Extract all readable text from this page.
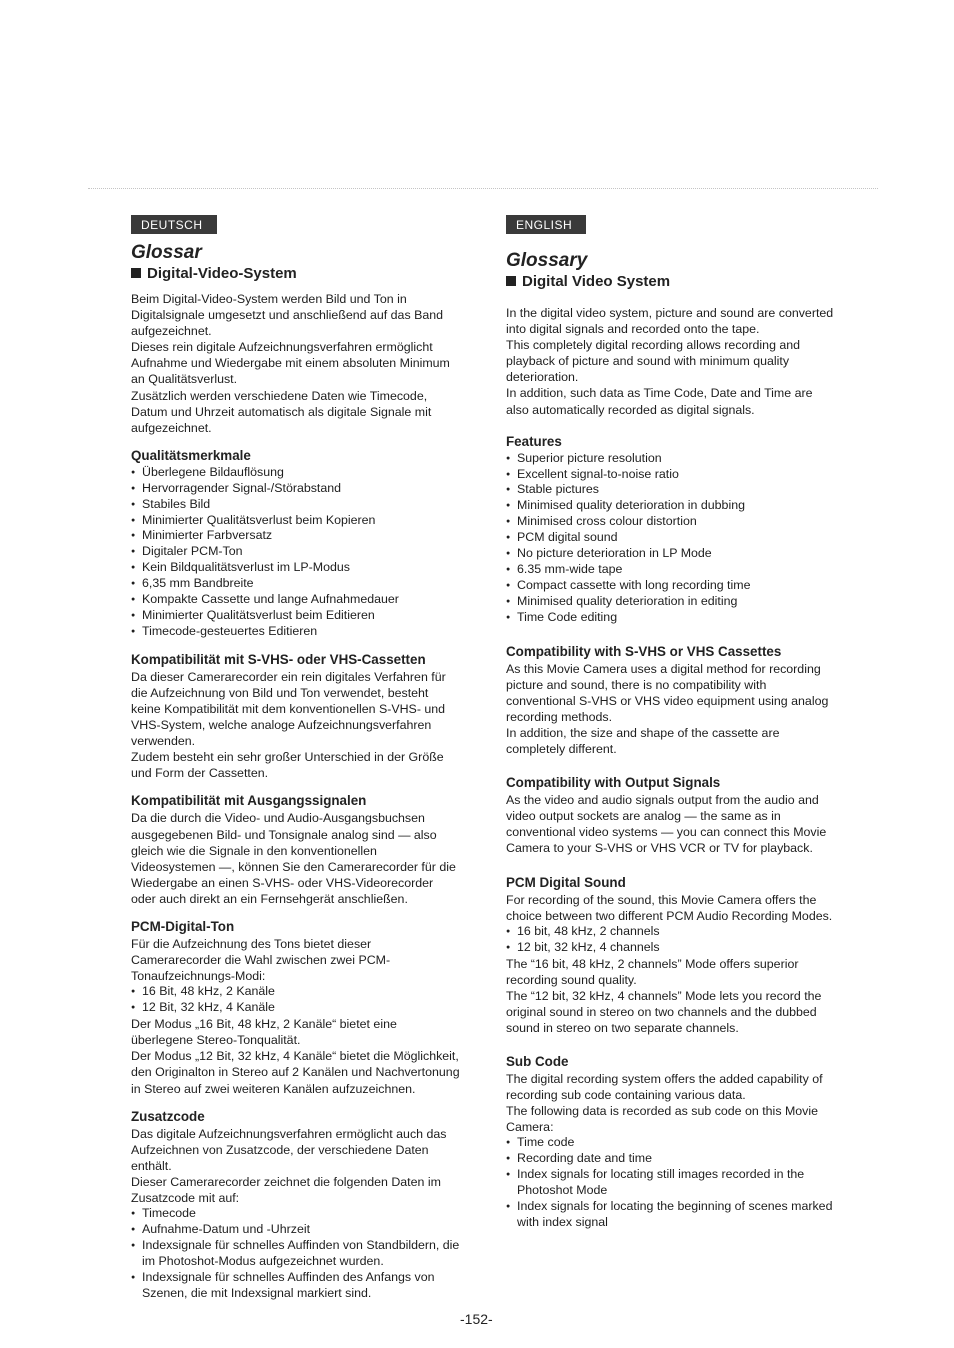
DEUTSCH
Glossar
Digital-Video-System

Beim Digital-Video-System werden Bild und Ton in Digitalsignale umgesetzt und anschließend auf das Band aufgezeichnet.

Dieses rein digitale Aufzeichnungsverfahren ermöglicht Aufnahme und Wiedergabe mit einem absoluten Minimum an Qualitätsverlust.

Zusätzlich werden verschiedene Daten wie Timecode, Datum und Uhrzeit automatisch als digitale Signale mit aufgezeichnet.

Qualitätsmerkmale
● Überlegene Bildauflösung
● Hervorragender Signal-/Störabstand
● Stabiles Bild
● Minimierter Qualitätsverlust beim Kopieren
● Minimierter Farbversatz
● Digitaler PCM-Ton
● Kein Bildqualitätsverlust im LP-Modus
● 6,35 mm Bandbreite
● Kompakte Cassette und lange Aufnahmedauer
● Minimierter Qualitätsverlust beim Editieren
● Timecode-gesteuertes Editieren
Kompatibilität mit S-VHS- oder VHS-Cassetten

Da dieser Camerarecorder ein rein digitales Verfahren für die Aufzeichnung von Bild und Ton verwendet, besteht keine Kompatibilität mit dem konventionellen S-VHS- und VHS-System, welche analoge Aufzeichnungsverfahren verwenden.

Zudem besteht ein sehr großer Unterschied in der Größe und Form der Cassetten.

Kompatibilität mit Ausgangssignalen

Da die durch die Video- und Audio-Ausgangsbuchsen ausgegebenen Bild- und Tonsignale analog sind — also gleich wie die Signale in den konventionellen Videosystemen —, können Sie den Camerarecorder für die Wiedergabe an einen S-VHS- oder VHS-Videorecorder oder auch direkt an ein Fernsehgerät anschließen.

PCM-Digital-Ton

Für die Aufzeichnung des Tons bietet dieser Camerarecorder die Wahl zwischen zwei PCM-Tonaufzeichnungs-Modi:

● 16 Bit, 48 kHz, 2 Kanäle
● 12 Bit, 32 kHz, 4 Kanäle

Der Modus „16 Bit, 48 kHz, 2 Kanäle“ bietet eine überlegene Stereo-Tonqualität.

Der Modus „12 Bit, 32 kHz, 4 Kanäle“ bietet die Möglichkeit, den Originalton in Stereo auf 2 Kanälen und Nachvertonung in Stereo auf zwei weiteren Kanälen aufzuzeichnen.

Zusatzcode

Das digitale Aufzeichnungsverfahren ermöglicht auch das Aufzeichnen von Zusatzcode, der verschiedene Daten enthält.

Dieser Camerarecorder zeichnet die folgenden Daten im Zusatzcode mit auf:

● Timecode
● Aufnahme-Datum und -Uhrzeit
● Indexsignale für schnelles Auffinden von Standbildern, die im Photoshot-Modus aufgezeichnet wurden.
● Indexsignale für schnelles Auffinden des Anfangs von Szenen, die mit Indexsignal markiert sind.
ENGLISH
Glossary
Digital Video System

In the digital video system, picture and sound are converted into digital signals and recorded onto the tape.

This completely digital recording allows recording and playback of picture and sound with minimum quality deterioration.

In addition, such data as Time Code, Date and Time are also automatically recorded as digital signals.

Features
● Superior picture resolution
● Excellent signal-to-noise ratio
● Stable pictures
● Minimised quality deterioration in dubbing
● Minimised cross colour distortion
● PCM digital sound
● No picture deterioration in LP Mode
● 6.35 mm-wide tape
● Compact cassette with long recording time
● Minimised quality deterioration in editing
● Time Code editing
Compatibility with S-VHS or VHS Cassettes

As this Movie Camera uses a digital method for recording picture and sound, there is no compatibility with conventional S-VHS or VHS video equipment using analog recording methods.

In addition, the size and shape of the cassette are completely different.

Compatibility with Output Signals

As the video and audio signals output from the audio and video output sockets are analog — the same as in conventional video systems — you can connect this Movie Camera to your S-VHS or VHS VCR or TV for playback.

PCM Digital Sound

For recording of the sound, this Movie Camera offers the choice between two different PCM Audio Recording Modes.

● 16 bit, 48 kHz, 2 channels
● 12 bit, 32 kHz, 4 channels

The “16 bit, 48 kHz, 2 channels” Mode offers superior recording sound quality.

The “12 bit, 32 kHz, 4 channels” Mode lets you record the original sound in stereo on two channels and the dubbed sound in stereo on two separate channels.

Sub Code

The digital recording system offers the added capability of recording sub code containing various data.

The following data is recorded as sub code on this Movie Camera:

● Time code
● Recording date and time
● Index signals for locating still images recorded in the Photoshot Mode
● Index signals for locating the beginning of scenes marked with index signal
-152-
